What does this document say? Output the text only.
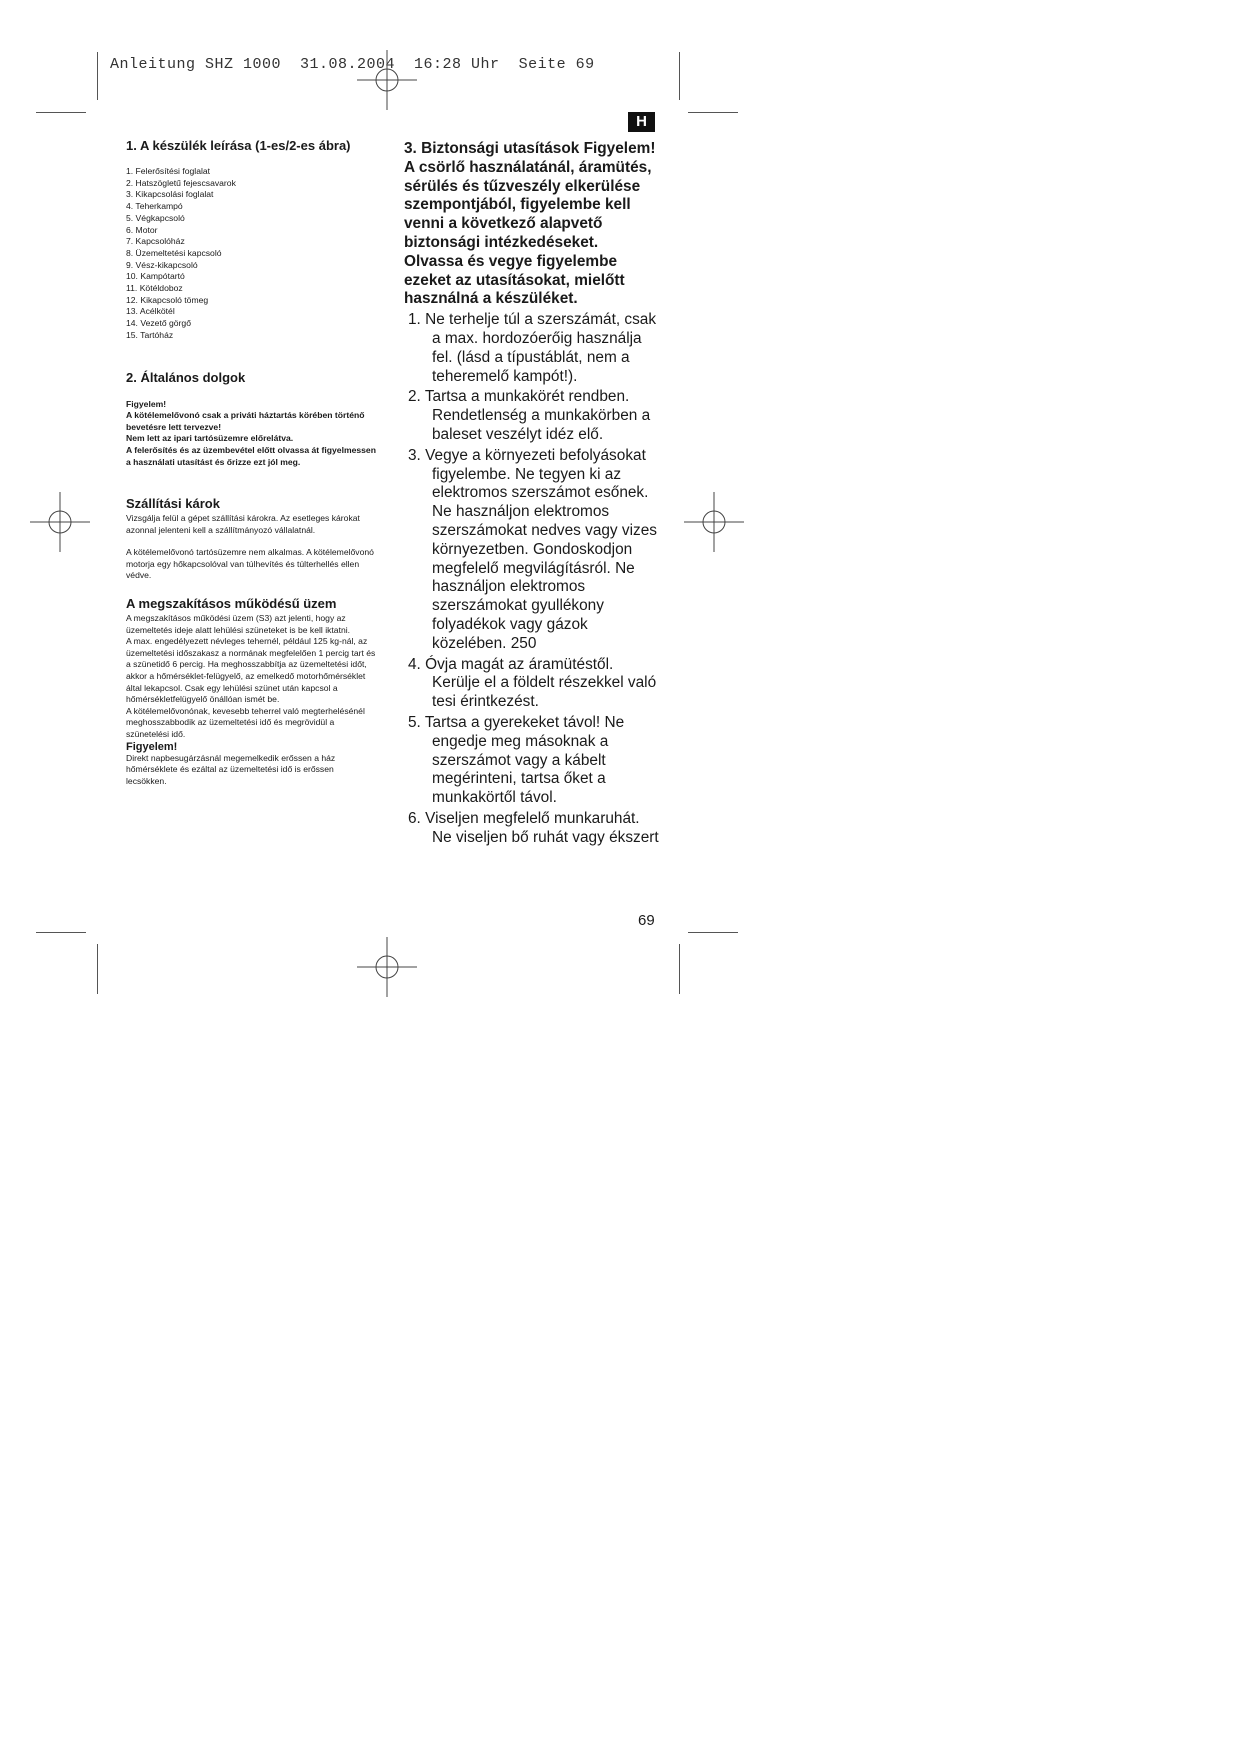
Anleitung SHZ 1000  31.08.2004  16:28 Uhr  Seite 69
H
1. A készülék leírása (1-es/2-es ábra)
1. Felerősítési foglalat
2. Hatszögletű fejescsavarok
3. Kikapcsolási foglalat
4. Teherkampó
5. Végkapcsoló
6. Motor
7. Kapcsolóház
8. Üzemeltetési kapcsoló
9. Vész-kikapcsoló
10. Kampótartó
11. Kötéldoboz
12. Kikapcsoló tömeg
13. Acélkötél
14. Vezető görgő
15. Tartóház
2. Általános dolgok

Figyelem!

A kötélemelővonó csak a priváti háztartás körében történő bevetésre lett tervezve!

Nem lett az ipari tartósüzemre előrelátva.

A felerősítés és az üzembevétel előtt olvassa át figyelmessen a használati utasítást és őrizze ezt jól meg.

Szállítási károk

Vizsgálja felül a gépet szállítási károkra. Az esetleges károkat azonnal jelenteni kell a szállítmányozó vállalatnál.

A kötélemelővonó tartósüzemre nem alkalmas. A kötélemelővonó motorja egy hőkapcsolóval van túlhevítés és túlterhellés ellen védve.

A megszakításos működésű üzem

A megszakításos működési üzem (S3) azt jelenti, hogy az üzemeltetés ideje alatt lehülési szüneteket is be kell iktatni.

A max. engedélyezett névleges tehernél, például 125 kg-nál, az üzemeltetési időszakasz a normának megfelelően 1 percig tart és a szünetidő 6 percig. Ha meghosszabbítja az üzemeltetési időt, akkor a hőmérséklet-felügyelő, az emelkedő motorhőmérséklet által lekapcsol. Csak egy lehülési szünet után kapcsol a hőmérsékletfelügyelő önállóan ismét be.

A kötélemelővonónak, kevesebb teherrel való megterhelésénél meghosszabbodik az üzemeltetési idő és megrövidül a szünetelési idő.

Figyelem!

Direkt napbesugárzásnál megemelkedik erőssen a ház hőmérséklete és ezáltal az üzemeltetési idő is erőssen lecsökken.

3. Biztonsági utasítások Figyelem! A csörlő használatánál, áramütés, sérülés és tűzveszély elkerülése szempontjából, figyelembe kell venni a következő alapvető biztonsági intézkedéseket. Olvassa és vegye figyelembe ezeket az utasításokat, mielőtt használná a készüléket.

1. Ne terhelje túl a szerszámát, csak a max. hordozóerőig használja fel. (lásd a típustáblát, nem a teheremelő kampót!).
2. Tartsa a munkakörét rendben. Rendetlenség a munkakörben a baleset veszélyt idéz elő.
3. Vegye a környezeti befolyásokat figyelembe. Ne tegyen ki az elektromos szerszámot esőnek. Ne használjon elektromos szerszámokat nedves vagy vizes környezetben. Gondoskodjon megfelelő megvilágításról. Ne használjon elektromos szerszámokat gyullékony folyadékok vagy gázok közelében. 250
4. Óvja magát az áramütéstől. Kerülje el a földelt részekkel való tesi érintkezést.
5. Tartsa a gyerekeket távol! Ne engedje meg másoknak a szerszámot vagy a kábelt megérinteni, tartsa őket a munkakörtől távol.
6. Viseljen megfelelő munkaruhát. Ne viseljen bő ruhát vagy ékszert
69
